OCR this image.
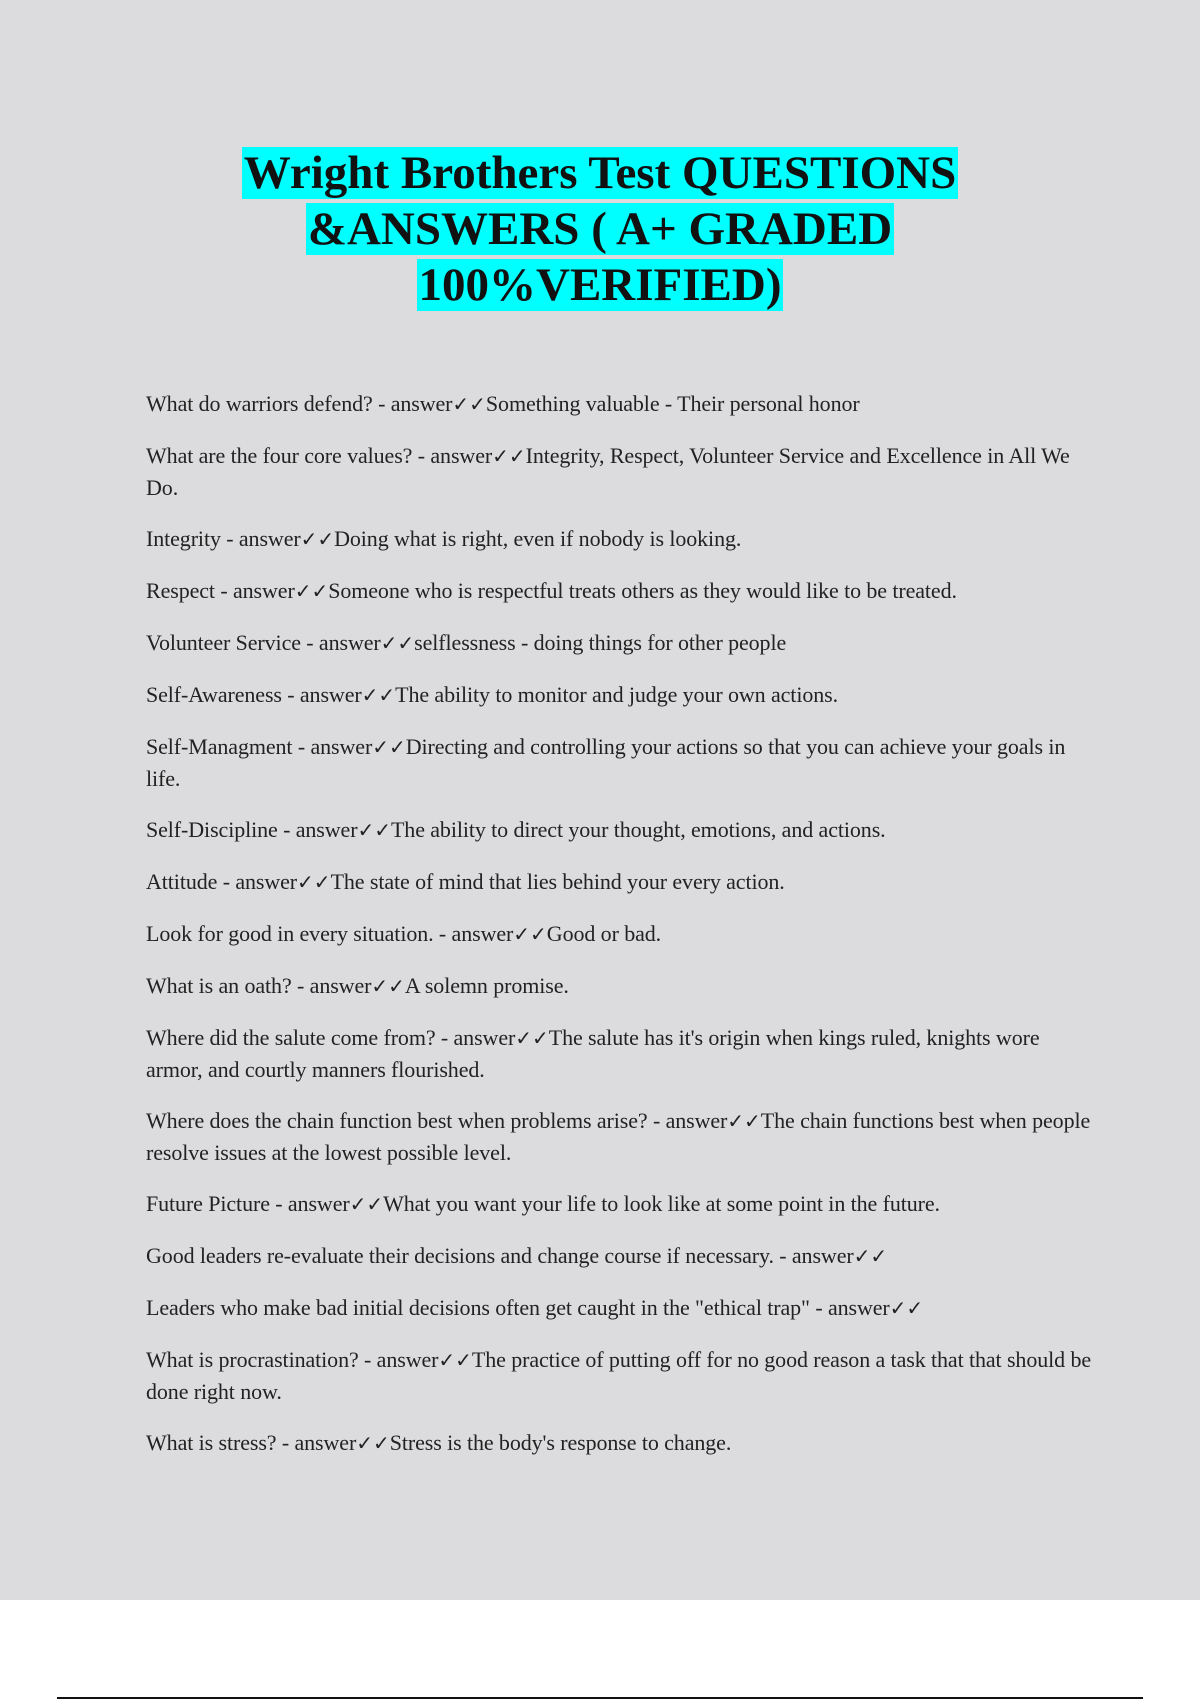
Wright Brothers Test QUESTIONS
&ANSWERS ( A+ GRADED
100%VERIFIED)

What do warriors defend? - answer✓✓Something valuable - Their personal honor

What are the four core values? - answer✓✓Integrity, Respect, Volunteer Service and Excellence in All We Do.

Integrity - answer✓✓Doing what is right, even if nobody is looking.

Respect - answer✓✓Someone who is respectful treats others as they would like to be treated.

Volunteer Service - answer✓✓selflessness - doing things for other people

Self-Awareness - answer✓✓The ability to monitor and judge your own actions.

Self-Managment - answer✓✓Directing and controlling your actions so that you can achieve your goals in life.

Self-Discipline - answer✓✓The ability to direct your thought, emotions, and actions.

Attitude - answer✓✓The state of mind that lies behind your every action.

Look for good in every situation. - answer✓✓Good or bad.

What is an oath? - answer✓✓A solemn promise.

Where did the salute come from? - answer✓✓The salute has it's origin when kings ruled, knights wore armor, and courtly manners flourished.

Where does the chain function best when problems arise? - answer✓✓The chain functions best when people resolve issues at the lowest possible level.

Future Picture - answer✓✓What you want your life to look like at some point in the future.

Good leaders re-evaluate their decisions and change course if necessary. - answer✓✓

Leaders who make bad initial decisions often get caught in the "ethical trap" - answer✓✓

What is procrastination? - answer✓✓The practice of putting off for no good reason a task that that should be done right now.

What is stress? - answer✓✓Stress is the body's response to change.
